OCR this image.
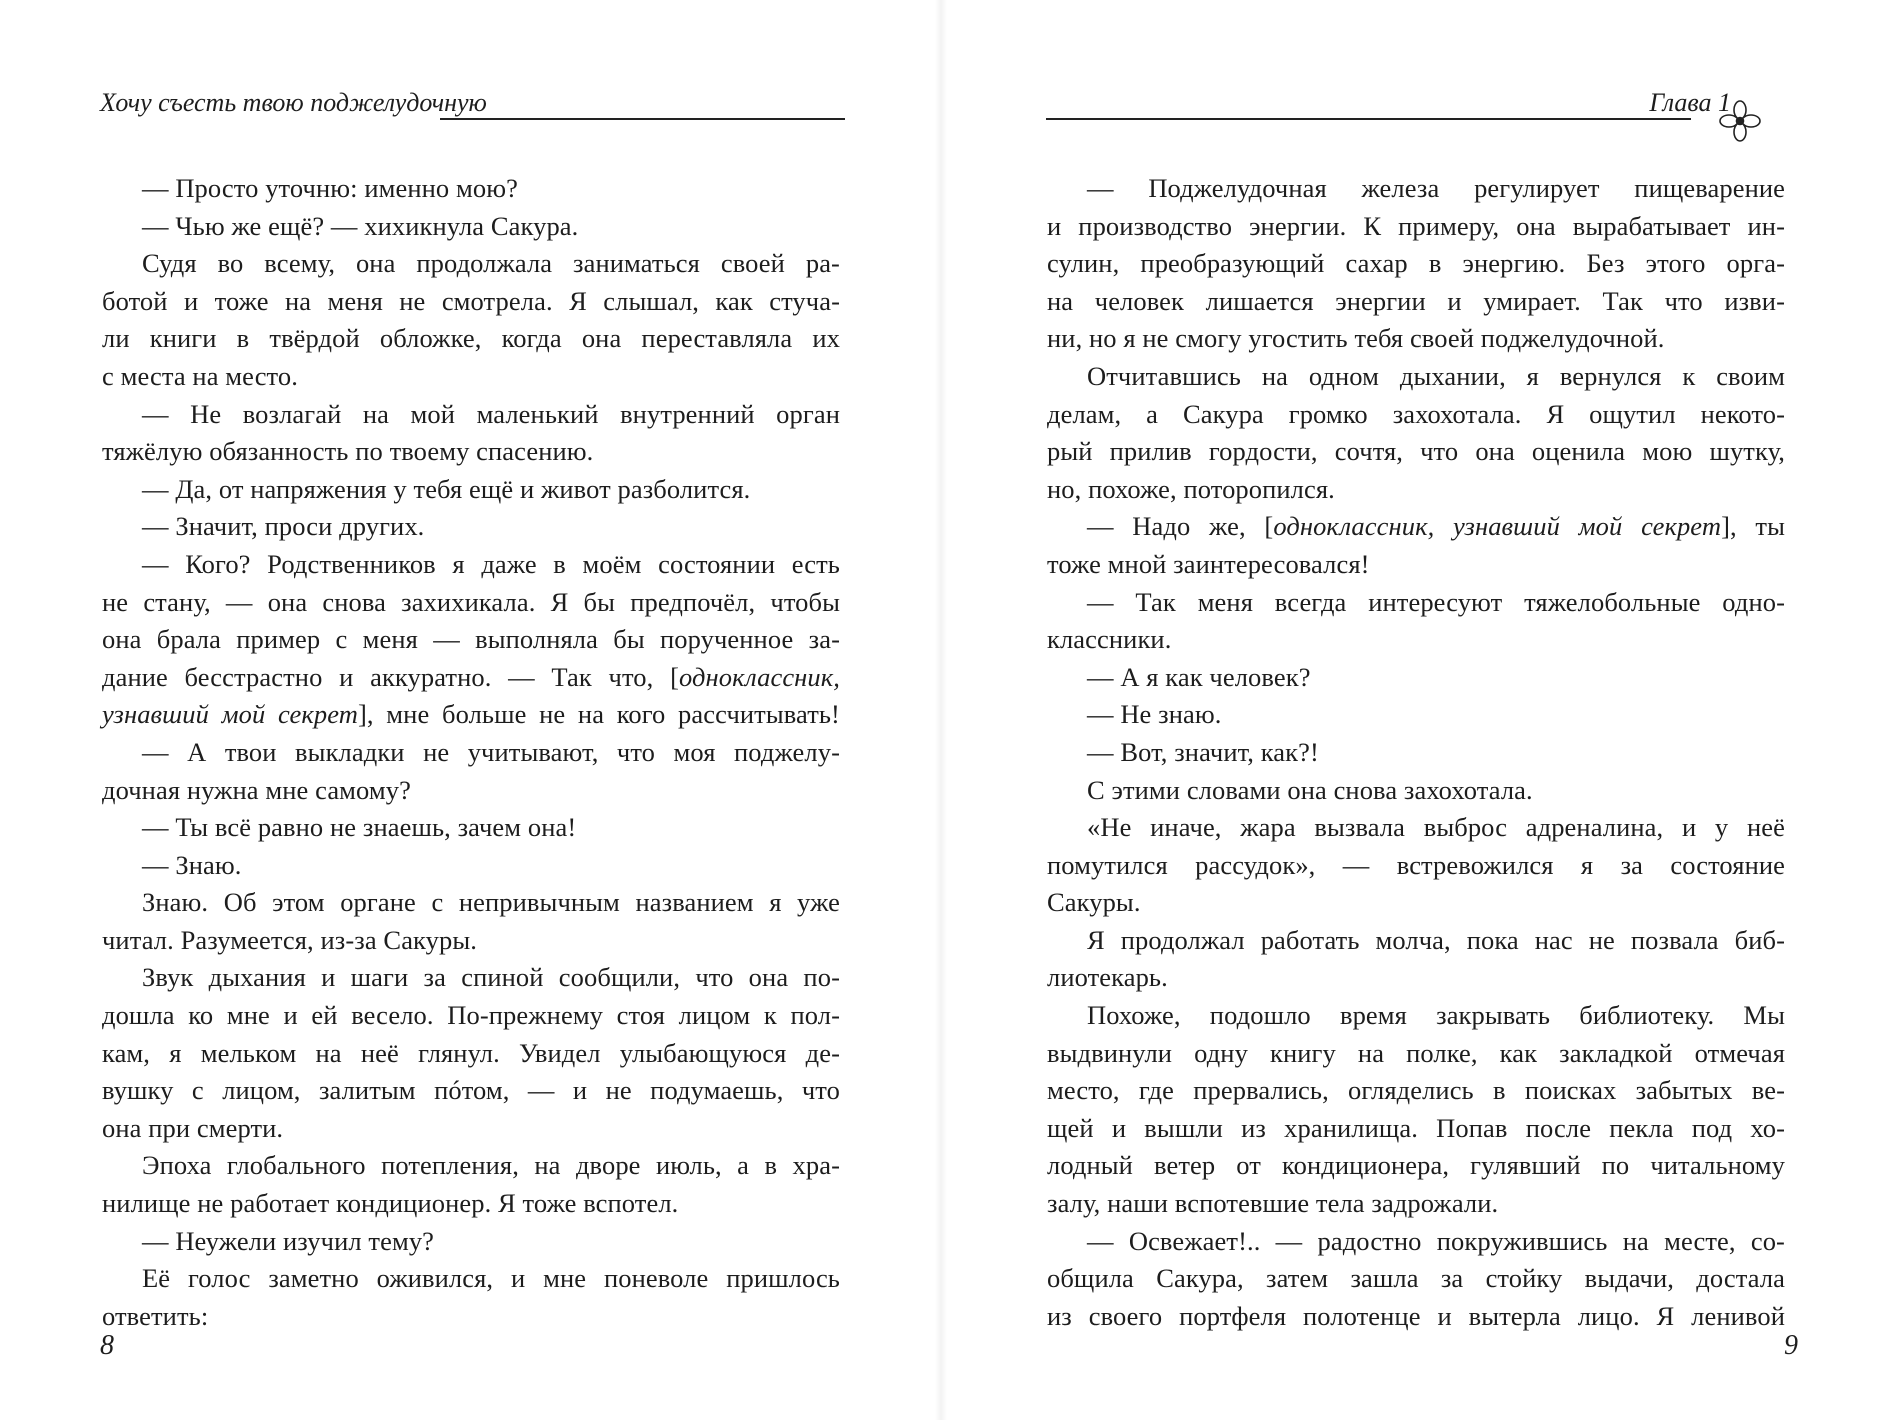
Хочу съесть твою поджелудочную
— Просто уточню: именно мою?
— Чью же ещё? — хихикнула Сакура.
Судя во всему, она продолжала заниматься своей ра-
ботой и тоже на меня не смотрела. Я слышал, как стуча-
ли книги в твёрдой обложке, когда она переставляла их
с места на место.
— Не возлагай на мой маленький внутренний орган
тяжёлую обязанность по твоему спасению.
— Да, от напряжения у тебя ещё и живот разболится.
— Значит, проси других.
— Кого? Родственников я даже в моём состоянии есть
не стану, — она снова захихикала. Я бы предпочёл, чтобы
она брала пример с меня — выполняла бы порученное за-
дание бесстрастно и аккуратно. — Так что, [одноклассник,
узнавший мой секрет], мне больше не на кого рассчитывать!
— А твои выкладки не учитывают, что моя поджелу-
дочная нужна мне самому?
— Ты всё равно не знаешь, зачем она!
— Знаю.
Знаю. Об этом органе с непривычным названием я уже
читал. Разумеется, из-за Сакуры.
Звук дыхания и шаги за спиной сообщили, что она по-
дошла ко мне и ей весело. По-прежнему стоя лицом к пол-
кам, я мельком на неё глянул. Увидел улыбающуюся де-
вушку с лицом, залитым пóтом, — и не подумаешь, что
она при смерти.
Эпоха глобального потепления, на дворе июль, а в хра-
нилище не работает кондиционер. Я тоже вспотел.
— Неужели изучил тему?
Её голос заметно оживился, и мне поневоле пришлось
ответить:
8
Глава 1
— Поджелудочная железа регулирует пищеварение
и производство энергии. К примеру, она вырабатывает ин-
сулин, преобразующий сахар в энергию. Без этого орга-
на человек лишается энергии и умирает. Так что изви-
ни, но я не смогу угостить тебя своей поджелудочной.
Отчитавшись на одном дыхании, я вернулся к своим
делам, а Сакура громко захохотала. Я ощутил некото-
рый прилив гордости, сочтя, что она оценила мою шутку,
но, похоже, поторопился.
— Надо же, [одноклассник, узнавший мой секрет], ты
тоже мной заинтересовался!
— Так меня всегда интересуют тяжелобольные одно-
классники.
— А я как человек?
— Не знаю.
— Вот, значит, как?!
С этими словами она снова захохотала.
«Не иначе, жара вызвала выброс адреналина, и у неё
помутился рассудок», — встревожился я за состояние
Сакуры.
Я продолжал работать молча, пока нас не позвала биб-
лиотекарь.
Похоже, подошло время закрывать библиотеку. Мы
выдвинули одну книгу на полке, как закладкой отмечая
место, где прервались, огляделись в поисках забытых ве-
щей и вышли из хранилища. Попав после пекла под хо-
лодный ветер от кондиционера, гулявший по читальному
залу, наши вспотевшие тела задрожали.
— Освежает!.. — радостно покружившись на месте, со-
общила Сакура, затем зашла за стойку выдачи, достала
из своего портфеля полотенце и вытерла лицо. Я ленивой
9
